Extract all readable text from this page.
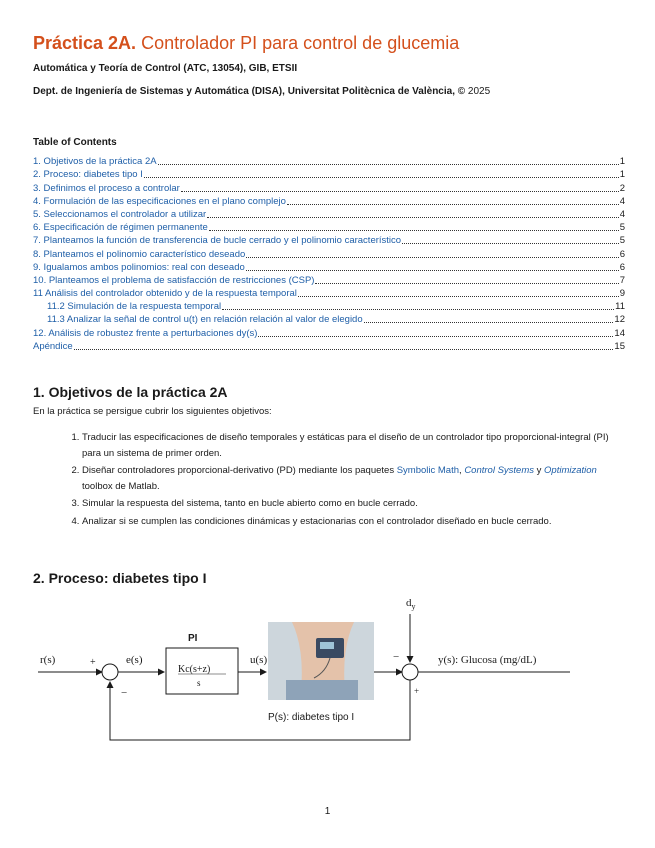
Práctica 2A. Controlador PI para control de glucemia
Automática y Teoría de Control (ATC, 13054), GIB, ETSII
Dept. de Ingeniería de Sistemas y Automática (DISA), Universitat Politècnica de València, © 2025
Table of Contents
1. Objetivos de la práctica 2A	1
2. Proceso: diabetes tipo I	1
3. Definimos el proceso a controlar	2
4. Formulación de las especificaciones en el plano complejo	4
5. Seleccionamos el controlador a utilizar	4
6. Especificación de régimen permanente	5
7. Planteamos la función de transferencia de bucle cerrado y el polinomio característico	5
8. Planteamos el polinomio característico deseado	6
9. Igualamos ambos polinomios: real con deseado	6
10. Planteamos el problema de satisfacción de restricciones (CSP)	7
11 Análisis del controlador obtenido y de la respuesta temporal	9
11.2 Simulación de la respuesta temporal	11
11.3 Analizar la señal de control u(t) en relación relación al valor de elegido	12
12. Análisis de robustez frente a perturbaciones dy(s)	14
Apéndice	15
1. Objetivos de la práctica 2A
En la práctica se persigue cubrir los siguientes objetivos:
1. Traducir las especificaciones de diseño temporales y estáticas para el diseño de un controlador tipo proporcional-integral (PI) para un sistema de primer orden.
2. Diseñar controladores proporcional-derivativo (PD) mediante los paquetes Symbolic Math, Control Systems y Optimization toolbox de Matlab.
3. Simular la respuesta del sistema, tanto en bucle abierto como en bucle cerrado.
4. Analizar si se cumplen las condiciones dinámicas y estacionarias con el controlador diseñado en bucle cerrado.
2. Proceso: diabetes tipo I
r(s)	+
−
e(s)
PI
Kc(s+z)
s
u(s)
P(s): diabetes tipo I
$d_y$
−
+
y(s): Glucosa (mg/dL)
1
